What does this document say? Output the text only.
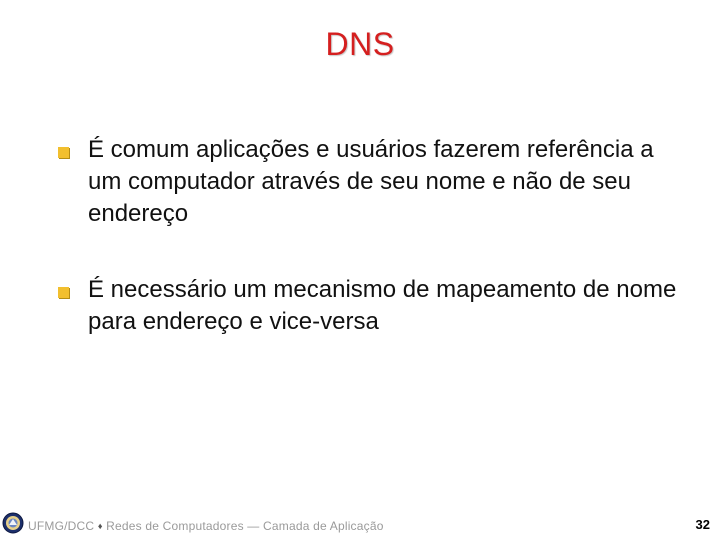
DNS
É comum aplicações e usuários fazerem referência a um computador através de seu nome e não de seu endereço
É necessário um mecanismo de mapeamento de nome para endereço e vice-versa
UFMG/DCC ♦ Redes de Computadores — Camada de Aplicação	32
